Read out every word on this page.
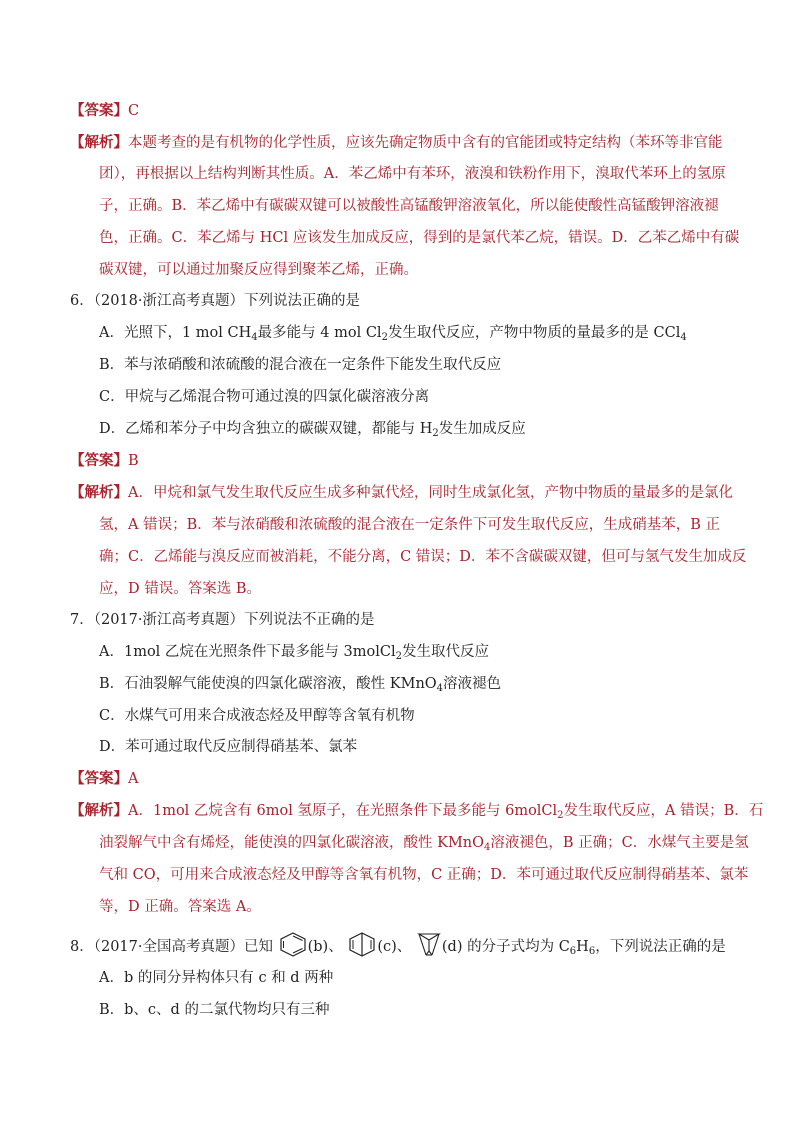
【答案】C
【解析】本题考查的是有机物的化学性质，应该先确定物质中含有的官能团或特定结构（苯环等非官能
团），再根据以上结构判断其性质。A．苯乙烯中有苯环，液溴和铁粉作用下，溴取代苯环上的氢原
子，正确。B．苯乙烯中有碳碳双键可以被酸性高锰酸钾溶液氧化，所以能使酸性高锰酸钾溶液褪
色，正确。C．苯乙烯与 HCl 应该发生加成反应，得到的是氯代苯乙烷，错误。D．乙苯乙烯中有碳
碳双键，可以通过加聚反应得到聚苯乙烯，正确。
6．（2018·浙江高考真题）下列说法正确的是
A．光照下，1 mol $CH_4$最多能与 4 mol $Cl_2$发生取代反应，产物中物质的量最多的是 CCl$_4$
B．苯与浓硝酸和浓硫酸的混合液在一定条件下能发生取代反应
C．甲烷与乙烯混合物可通过溴的四氯化碳溶液分离
D．乙烯和苯分子中均含独立的碳碳双键，都能与 $H_2$发生加成反应
【答案】B
【解析】A．甲烷和氯气发生取代反应生成多种氯代烃，同时生成氯化氢，产物中物质的量最多的是氯化
氢，A 错误；B．苯与浓硝酸和浓硫酸的混合液在一定条件下可发生取代反应，生成硝基苯，B 正
确；C．乙烯能与溴反应而被消耗，不能分离，C 错误；D．苯不含碳碳双键，但可与氢气发生加成反
应，D 错误。答案选 B。
7．（2017·浙江高考真题）下列说法不正确的是
A．1mol 乙烷在光照条件下最多能与 3molCl$_2$发生取代反应
B．石油裂解气能使溴的四氯化碳溶液，酸性 KMnO$_4$溶液褪色
C．水煤气可用来合成液态烃及甲醇等含氧有机物
D．苯可通过取代反应制得硝基苯、氯苯
【答案】A
【解析】A．1mol 乙烷含有 6mol 氢原子，在光照条件下最多能与 6molCl$_2$发生取代反应，A 错误；B．石
油裂解气中含有烯烃，能使溴的四氯化碳溶液，酸性 KMnO$_4$溶液褪色，B 正确；C．水煤气主要是氢
气和 CO，可用来合成液态烃及甲醇等含氧有机物，C 正确；D．苯可通过取代反应制得硝基苯、氯苯
等，D 正确。答案选 A。
8．（2017·全国高考真题）已知 (b)、 (c)、 (d) 的分子式均为 $C_6H_6$，下列说法正确的是
A．b 的同分异构体只有 c 和 d 两种
B．b、c、d 的二氯代物均只有三种
